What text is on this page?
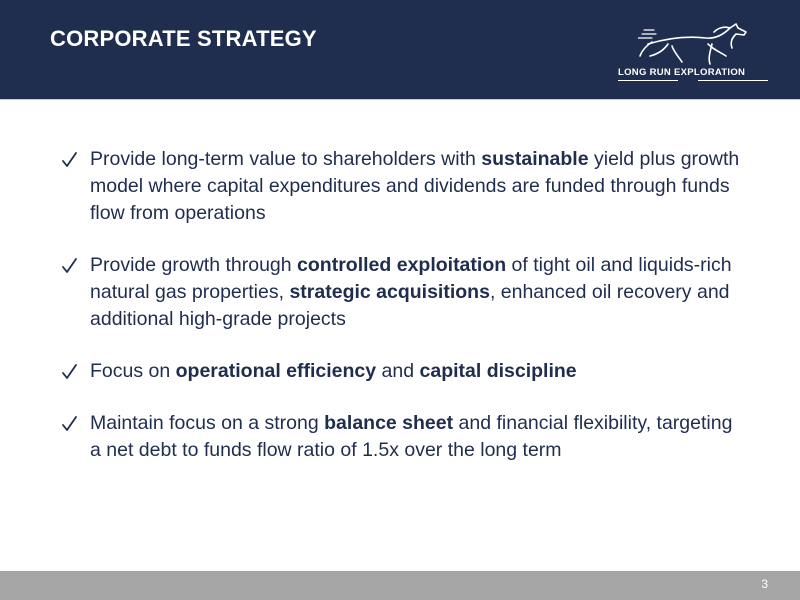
CORPORATE STRATEGY
LONG RUN EXPLORATION
Provide long-term value to shareholders with sustainable yield plus growth model where capital expenditures and dividends are funded through funds flow from operations
Provide growth through controlled exploitation of tight oil and liquids-rich natural gas properties, strategic acquisitions, enhanced oil recovery and additional high-grade projects
Focus on operational efficiency and capital discipline
Maintain focus on a strong balance sheet and financial flexibility, targeting a net debt to funds flow ratio of 1.5x over the long term
3
